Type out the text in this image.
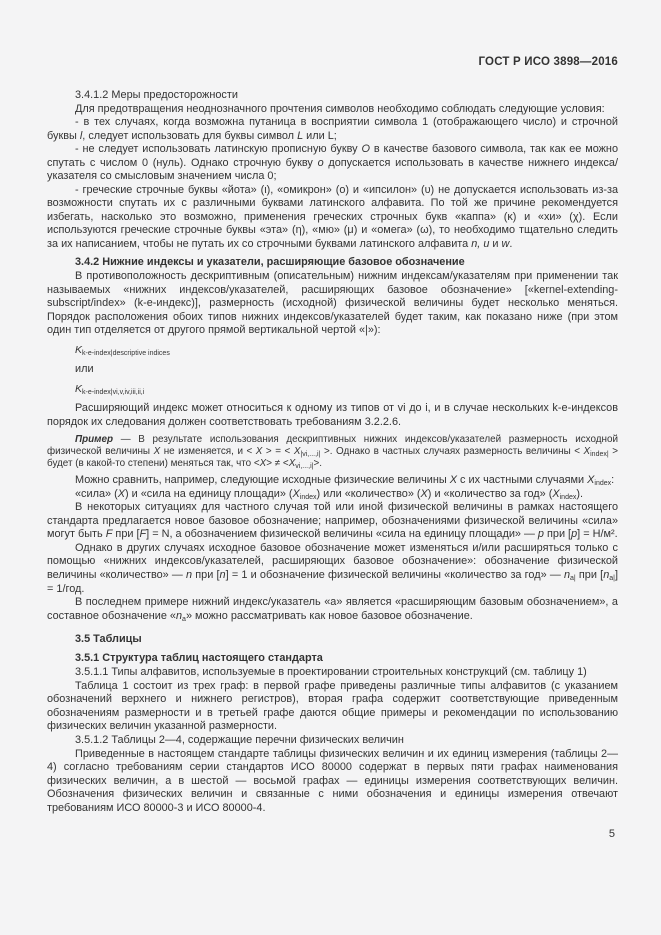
ГОСТ Р ИСО 3898—2016

3.4.1.2 Меры предосторожности

Для предотвращения неоднозначного прочтения символов необходимо соблюдать следующие условия:

- в тех случаях, когда возможна путаница в восприятии символа 1 (отображающего число) и строчной буквы l, следует использовать для буквы символ L или L;

- не следует использовать латинскую прописную букву O в качестве базового символа, так как ее можно спутать с числом 0 (нуль). Однако строчную букву o допускается использовать в качестве нижнего индекса/указателя со смысловым значением числа 0;

- греческие строчные буквы «йота» (ι), «омикрон» (ο) и «ипсилон» (υ) не допускается использовать из-за возможности спутать их с различными буквами латинского алфавита. По той же причине рекомендуется избегать, насколько это возможно, применения греческих строчных букв «каппа» (κ) и «хи» (χ). Если используются греческие строчные буквы «эта» (η), «мю» (μ) и «омега» (ω), то необходимо тщательно следить за их написанием, чтобы не путать их со строчными буквами латинского алфавита n, u и w.

3.4.2 Нижние индексы и указатели, расширяющие базовое обозначение

В противоположность дескриптивным (описательным) нижним индексам/указателям при применении так называемых «нижних индексов/указателей, расширяющих базовое обозначение» [«kernel-extending-subscript/index» (k-e-индекс)], размерность (исходной) физической величины будет несколько меняться. Порядок расположения обоих типов нижних индексов/указателей будет таким, как показано ниже (при этом один тип отделяется от другого прямой вертикальной чертой «|»):

$K_{k-e-index|descriptive indices}$

или

$K_{k-e-index|vi,v,iv,iii,ii,i}$

Расширяющий индекс может относиться к одному из типов от vi до i, и в случае нескольких k-e-индексов порядок их следования должен соответствовать требованиям 3.2.2.6.

Пример — В результате использования дескриптивных нижних индексов/указателей размерность исходной физической величины X не изменяется, и < X > = < $X_{|vi,...,i|}$ >. Однако в частных случаях размерность величины < $X_{index|}$ > будет (в какой-то степени) меняться так, что $<X> \ne <X_{vi,...,i|}>$.

Можно сравнить, например, следующие исходные физические величины X с их частными случаями $X_{index}$:

«сила» (X) и «сила на единицу площади» $(X_{index})$ или «количество» (X) и «количество за год» $(X_{index})$.

В некоторых ситуациях для частного случая той или иной физической величины в рамках настоящего стандарта предлагается новое базовое обозначение; например, обозначениями физической величины «сила» могут быть F при [F] = N, а обозначением физической величины «сила на единицу площади» — p при [p] = Н/м².

Однако в других случаях исходное базовое обозначение может изменяться и/или расширяться только с помощью «нижних индексов/указателей, расширяющих базовое обозначение»: обозначение физической величины «количество» — n при [n] = 1 и обозначение физической величины «количество за год» — $n_{a|}$ при $[n_{a|}] = 1/год$.

В последнем примере нижний индекс/указатель «а» является «расширяющим базовым обозначением», а составное обозначение «$n_a$» можно рассматривать как новое базовое обозначение.

3.5 Таблицы

3.5.1 Структура таблиц настоящего стандарта

3.5.1.1 Типы алфавитов, используемые в проектировании строительных конструкций (см. таблицу 1)

Таблица 1 состоит из трех граф: в первой графе приведены различные типы алфавитов (с указанием обозначений верхнего и нижнего регистров), вторая графа содержит соответствующие приведенным обозначениям размерности и в третьей графе даются общие примеры и рекомендации по использованию физических величин указанной размерности.

3.5.1.2 Таблицы 2—4, содержащие перечни физических величин

Приведенные в настоящем стандарте таблицы физических величин и их единиц измерения (таблицы 2—4) согласно требованиям серии стандартов ИСО 80000 содержат в первых пяти графах наименования физических величин, а в шестой — восьмой графах — единицы измерения соответствующих величин. Обозначения физических величин и связанные с ними обозначения и единицы измерения отвечают требованиям ИСО 80000-3 и ИСО 80000-4.

5
